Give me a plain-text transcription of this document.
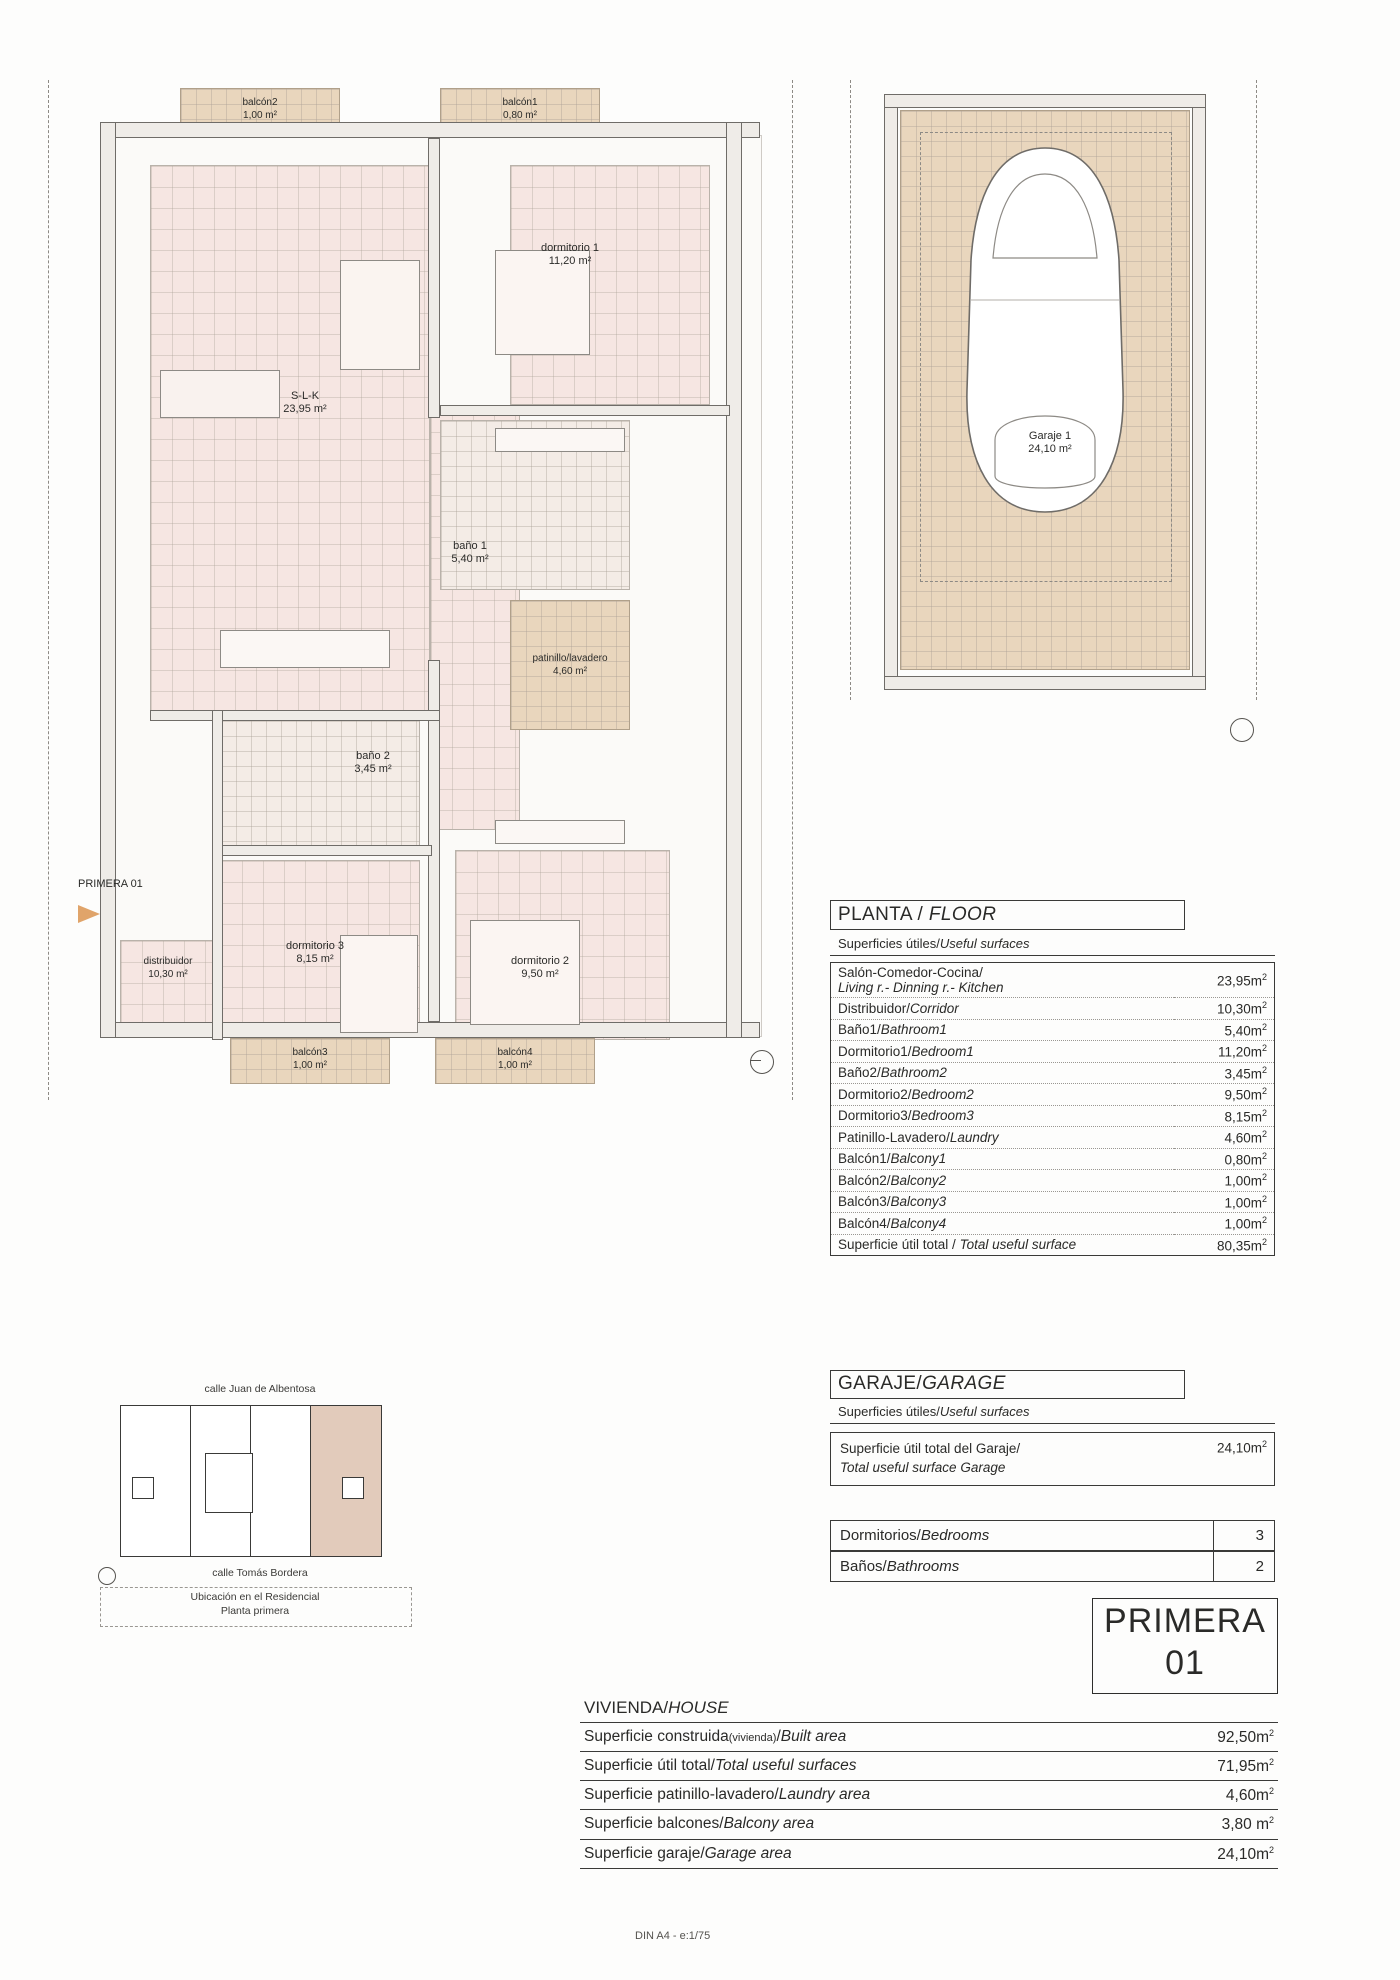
S-L-K
23,95 m²
dormitorio 1
11,20 m²
dormitorio 2
9,50 m²
dormitorio 3
8,15 m²
baño 1
5,40 m²
baño 2
3,45 m²
patinillo/lavadero
4,60 m²
distribuidor
10,30 m²
balcón1
0,80 m²
balcón2
1,00 m²
balcón3
1,00 m²
balcón4
1,00 m²
PRIMERA 01
Garaje 1
24,10 m²
PLANTA / FLOOR
Superficies útiles/Useful surfaces
Salón-Comedor-Cocina/
Living r.- Dinning r.- Kitchen	$23,95m^2$
Distribuidor/Corridor	$10,30m^2$
Baño1/Bathroom1	$5,40m^2$
Dormitorio1/Bedroom1	$11,20m^2$
Baño2/Bathroom2	$3,45m^2$
Dormitorio2/Bedroom2	$9,50m^2$
Dormitorio3/Bedroom3	$8,15m^2$
Patinillo-Lavadero/Laundry	$4,60m^2$
Balcón1/Balcony1	$0,80m^2$
Balcón2/Balcony2	$1,00m^2$
Balcón3/Balcony3	$1,00m^2$
Balcón4/Balcony4	$1,00m^2$
Superficie útil total / Total useful surface	$80,35m^2$
GARAJE/GARAGE
Superficies útiles/Useful surfaces
Superficie útil total del Garaje/
Total useful surface Garage
$24,10m^2$
Dormitorios/Bedrooms	3
Baños/Bathrooms	2
PRIMERA
01
VIVIENDA/HOUSE
Superficie construida(vivienda)/Built area	$92,50m^2$
Superficie útil total/Total useful surfaces	$71,95m^2$
Superficie patinillo-lavadero/Laundry area	$4,60m^2$
Superficie balcones/Balcony area	3,80 $m^2$
Superficie garaje/Garage area	$24,10m^2$
DIN A4 - e:1/75
calle Juan de Albentosa
calle Tomás Bordera
Ubicación en el Residencial
Planta primera
